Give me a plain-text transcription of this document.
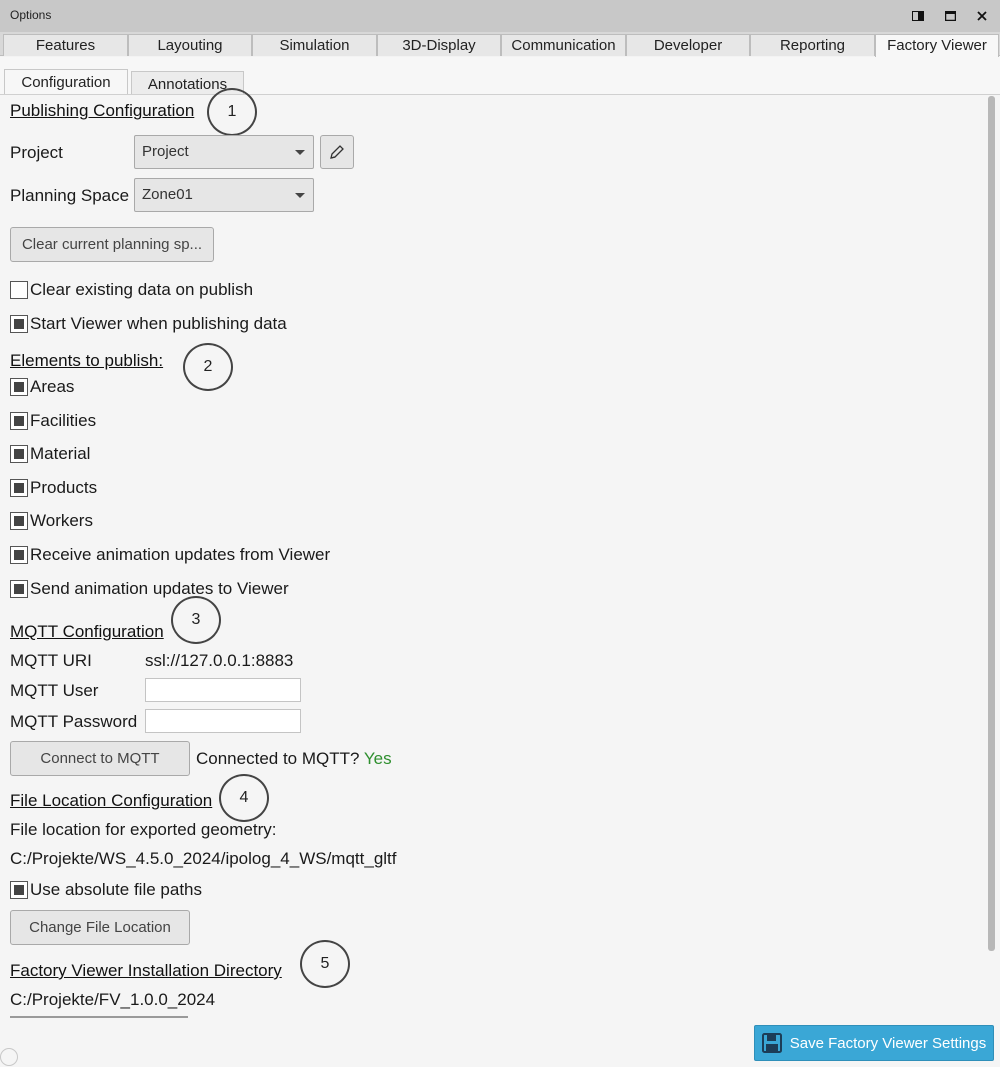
Options
Features	Layouting	Simulation	3D-Display	Communication	Developer	Reporting	Factory Viewer
Configuration	Annotations
Publishing Configuration	1
Project	Project
Planning Space Zone01
Clear current planning sp...
Clear existing data on publish
Start Viewer when publishing data
Elements to publish:	2
Areas
Facilities
Material
Products
Workers
Receive animation updates from Viewer
Send animation updates to Viewer
MQTT Configuration
3
MQTT URI	ssl://127.0.0.1:8883
MQTT User
MQTT Password
Connect to MQTT	Connected to MQTT? Yes
File Location Configuration	4
File location for exported geometry:
C:/Projekte/WS_4.5.0_2024/ipolog_4_WS/mqtt_gltf
Use absolute file paths
Change File Location
Factory Viewer Installation Directory	5
C:/Projekte/FV_1.0.0_2024
Save Factory Viewer Settings
